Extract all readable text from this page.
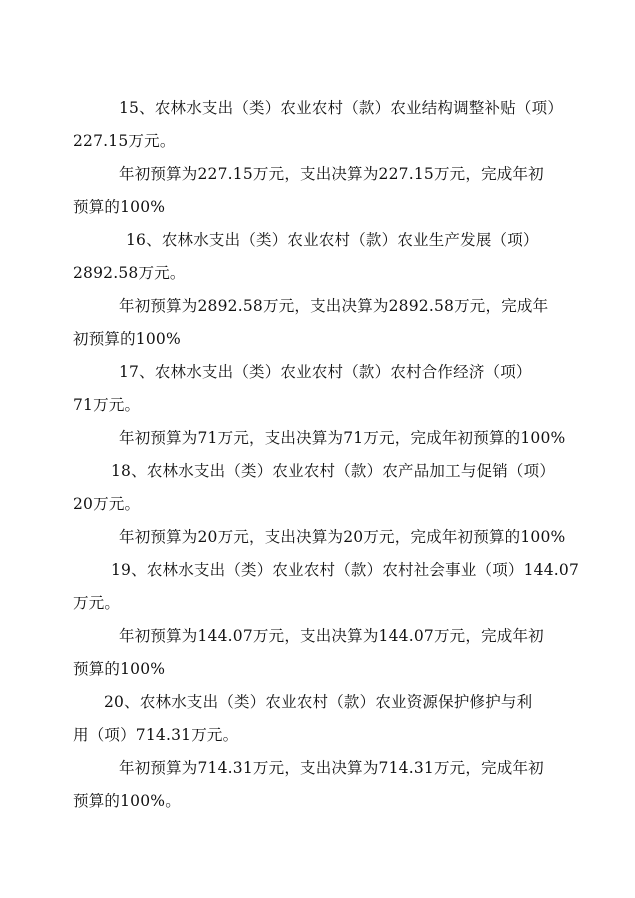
15、农林水支出（类）农业农村（款）农业结构调整补贴（项）
227.15万元。
年初预算为227.15万元，支出决算为227.15万元，完成年初
预算的100%
16、农林水支出（类）农业农村（款）农业生产发展（项）
2892.58万元。
年初预算为2892.58万元，支出决算为2892.58万元，完成年
初预算的100%
17、农林水支出（类）农业农村（款）农村合作经济（项）
71万元。
年初预算为71万元，支出决算为71万元，完成年初预算的100%
18、农林水支出（类）农业农村（款）农产品加工与促销（项）
20万元。
年初预算为20万元，支出决算为20万元，完成年初预算的100%
19、农林水支出（类）农业农村（款）农村社会事业（项）144.07
万元。
年初预算为144.07万元，支出决算为144.07万元，完成年初
预算的100%
20、农林水支出（类）农业农村（款）农业资源保护修护与利
用（项）714.31万元。
年初预算为714.31万元，支出决算为714.31万元，完成年初
预算的100%。
